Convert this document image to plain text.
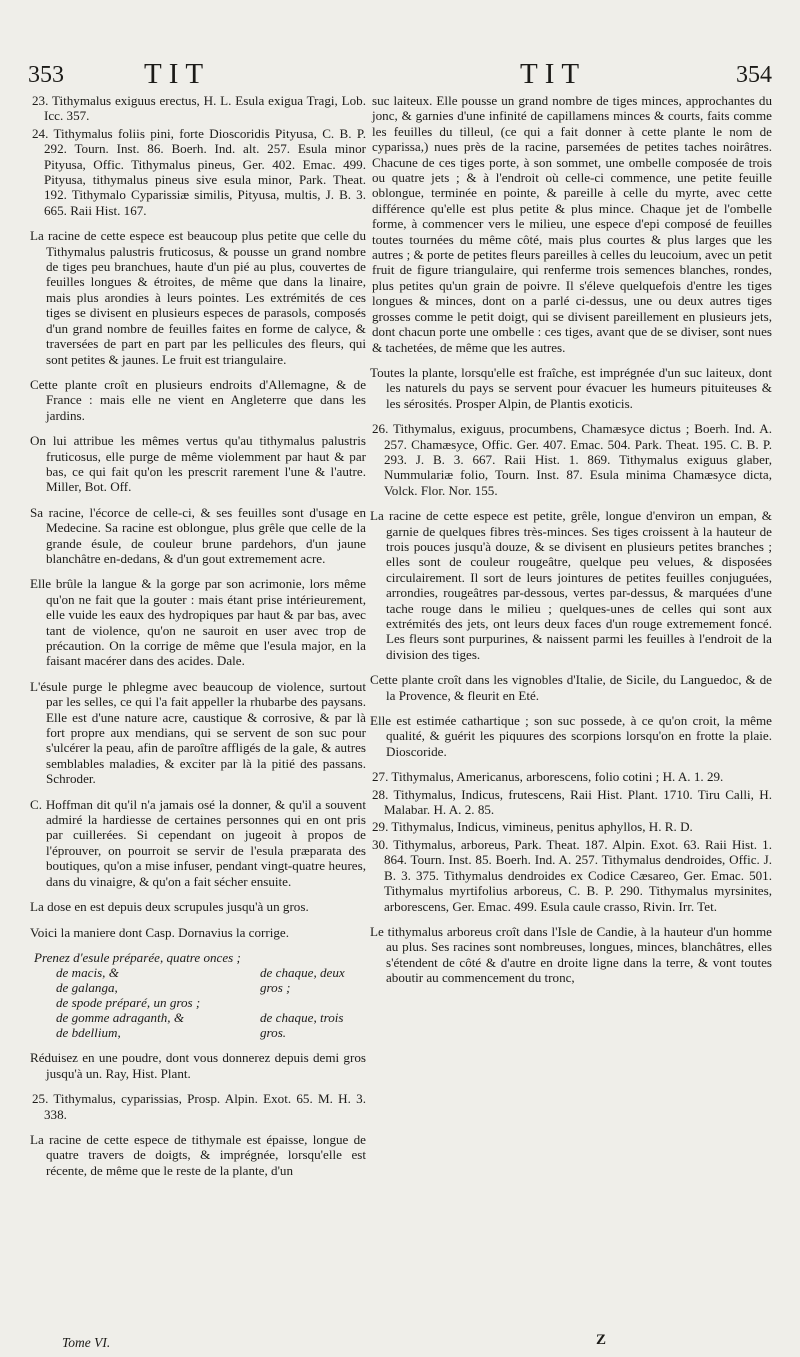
353	TIT	TIT	354

23. Tithymalus exiguus erectus, H. L. Esula exigua Tragi, Lob. Icc. 357.

24. Tithymalus foliis pini, forte Dioscoridis Pityusa, C. B. P. 292. Tourn. Inst. 86. Boerh. Ind. alt. 257. Esula minor Pityusa, Offic. Tithymalus pineus, Ger. 402. Emac. 499. Pityusa, tithymalus pineus sive esula minor, Park. Theat. 192. Tithymalo Cyparissiæ similis, Pityusa, multis, J. B. 3. 665. Raii Hist. 167.

La racine de cette espece est beaucoup plus petite que celle du Tithymalus palustris fruticosus, & pousse un grand nombre de tiges peu branchues, haute d'un pié au plus, couvertes de feuilles longues & étroites, de même que dans la linaire, mais plus arondies à leurs pointes. Les extrémités de ces tiges se divisent en plusieurs especes de parasols, composés d'un grand nombre de feuilles faites en forme de calyce, & traversées de part en part par les pellicules des fleurs, qui sont petites & jaunes. Le fruit est triangulaire.

Cette plante croît en plusieurs endroits d'Allemagne, & de France : mais elle ne vient en Angleterre que dans les jardins.

On lui attribue les mêmes vertus qu'au tithymalus palustris fruticosus, elle purge de même violemment par haut & par bas, ce qui fait qu'on les prescrit rarement l'une & l'autre. Miller, Bot. Off.

Sa racine, l'écorce de celle-ci, & ses feuilles sont d'usage en Medecine. Sa racine est oblongue, plus grêle que celle de la grande ésule, de couleur brune pardehors, d'un jaune blanchâtre en-dedans, & d'un gout extremement acre.

Elle brûle la langue & la gorge par son acrimonie, lors même qu'on ne fait que la gouter : mais étant prise intérieurement, elle vuide les eaux des hydropiques par haut & par bas, avec tant de violence, qu'on ne sauroit en user avec trop de précaution. On la corrige de même que l'esula major, en la faisant macérer dans des acides. Dale.

L'ésule purge le phlegme avec beaucoup de violence, surtout par les selles, ce qui l'a fait appeller la rhubarbe des paysans. Elle est d'une nature acre, caustique & corrosive, & par là fort propre aux mendians, qui se servent de son suc pour s'ulcérer la peau, afin de paroître affligés de la gale, & autres semblables maladies, & exciter par là la pitié des passans. Schroder.

C. Hoffman dit qu'il n'a jamais osé la donner, & qu'il a souvent admiré la hardiesse de certaines personnes qui en ont pris par cuillerées. Si cependant on jugeoit à propos de l'éprouver, on pourroit se servir de l'esula præparata des boutiques, qu'on a mise infuser, pendant vingt-quatre heures, dans du vinaigre, & qu'on a fait sécher ensuite.

La dose en est depuis deux scrupules jusqu'à un gros.

Voici la maniere dont Casp. Dornavius la corrige.

Prenez d'esule préparée, quatre onces ;
de macis, &	de chaque, deux
de galanga,	gros ;
de spode préparé, un gros ;
de gomme adraganth, &	de chaque, trois
de bdellium,	gros.

Réduisez en une poudre, dont vous donnerez depuis demi gros jusqu'à un. Ray, Hist. Plant.

25. Tithymalus, cyparissias, Prosp. Alpin. Exot. 65. M. H. 3. 338.

La racine de cette espece de tithymale est épaisse, longue de quatre travers de doigts, & imprégnée, lorsqu'elle est récente, de même que le reste de la plante, d'un

suc laiteux. Elle pousse un grand nombre de tiges minces, approchantes du jonc, & garnies d'une infinité de capillamens minces & courts, faits comme les feuilles du tilleul, (ce qui a fait donner à cette plante le nom de cyparissa,) nues près de la racine, parsemées de petites taches noirâtres. Chacune de ces tiges porte, à son sommet, une ombelle composée de trois ou quatre jets ; & à l'endroit où celle-ci commence, une petite feuille oblongue, terminée en pointe, & pareille à celle du myrte, avec cette différence qu'elle est plus petite & plus mince. Chaque jet de l'ombelle forme, à commencer vers le milieu, une espece d'epi composé de feuilles toutes tournées du même côté, mais plus courtes & plus larges que les autres ; & porte de petites fleurs pareilles à celles du leucoium, avec un petit fruit de figure triangulaire, qui renferme trois semences blanches, rondes, plus petites qu'un grain de poivre. Il s'éleve quelquefois d'entre les tiges longues & minces, dont on a parlé ci-dessus, une ou deux autres tiges grosses comme le petit doigt, qui se divisent pareillement en plusieurs jets, dont chacun porte une ombelle : ces tiges, avant que de se diviser, sont nues & tachetées, de même que les autres.

Toutes la plante, lorsqu'elle est fraîche, est imprégnée d'un suc laiteux, dont les naturels du pays se servent pour évacuer les humeurs pituiteuses & les sérosités. Prosper Alpin, de Plantis exoticis.

26. Tithymalus, exiguus, procumbens, Chamæsyce dictus ; Boerh. Ind. A. 257. Chamæsyce, Offic. Ger. 407. Emac. 504. Park. Theat. 195. C. B. P. 293. J. B. 3. 667. Raii Hist. 1. 869. Tithymalus exiguus glaber, Nummulariæ folio, Tourn. Inst. 87. Esula minima Chamæsyce dicta, Volck. Flor. Nor. 155.

La racine de cette espece est petite, grêle, longue d'environ un empan, & garnie de quelques fibres très-minces. Ses tiges croissent à la hauteur de trois pouces jusqu'à douze, & se divisent en plusieurs petites branches ; elles sont de couleur rougeâtre, quelque peu velues, & disposées circulairement. Il sort de leurs jointures de petites feuilles conjuguées, arrondies, rougeâtres par-dessous, vertes par-dessus, & marquées d'une tache rouge dans le milieu ; quelques-unes de celles qui sont aux extrémités des jets, ont leurs deux faces d'un rouge extremement foncé. Les fleurs sont purpurines, & naissent parmi les feuilles à l'endroit de la division des tiges.

Cette plante croît dans les vignobles d'Italie, de Sicile, du Languedoc, & de la Provence, & fleurit en Eté.

Elle est estimée cathartique ; son suc possede, à ce qu'on croit, la même qualité, & guérit les piquures des scorpions lorsqu'on en frotte la plaie. Dioscoride.

27. Tithymalus, Americanus, arborescens, folio cotini ; H. A. 1. 29.

28. Tithymalus, Indicus, frutescens, Raii Hist. Plant. 1710. Tiru Calli, H. Malabar. H. A. 2. 85.

29. Tithymalus, Indicus, vimineus, penitus aphyllos, H. R. D.

30. Tithymalus, arboreus, Park. Theat. 187. Alpin. Exot. 63. Raii Hist. 1. 864. Tourn. Inst. 85. Boerh. Ind. A. 257. Tithymalus dendroides, Offic. J. B. 3. 375. Tithymalus dendroides ex Codice Cæsareo, Ger. Emac. 501. Tithymalus myrtifolius arboreus, C. B. P. 290. Tithymalus myrsinites, arborescens, Ger. Emac. 499. Esula caule crasso, Rivin. Irr. Tet.

Le tithymalus arboreus croît dans l'Isle de Candie, à la hauteur d'un homme au plus. Ses racines sont nombreuses, longues, minces, blanchâtres, elles s'étendent de côté & d'autre en droite ligne dans la terre, & vont toutes aboutir au commencement du tronc,

Tome VI.	Z
